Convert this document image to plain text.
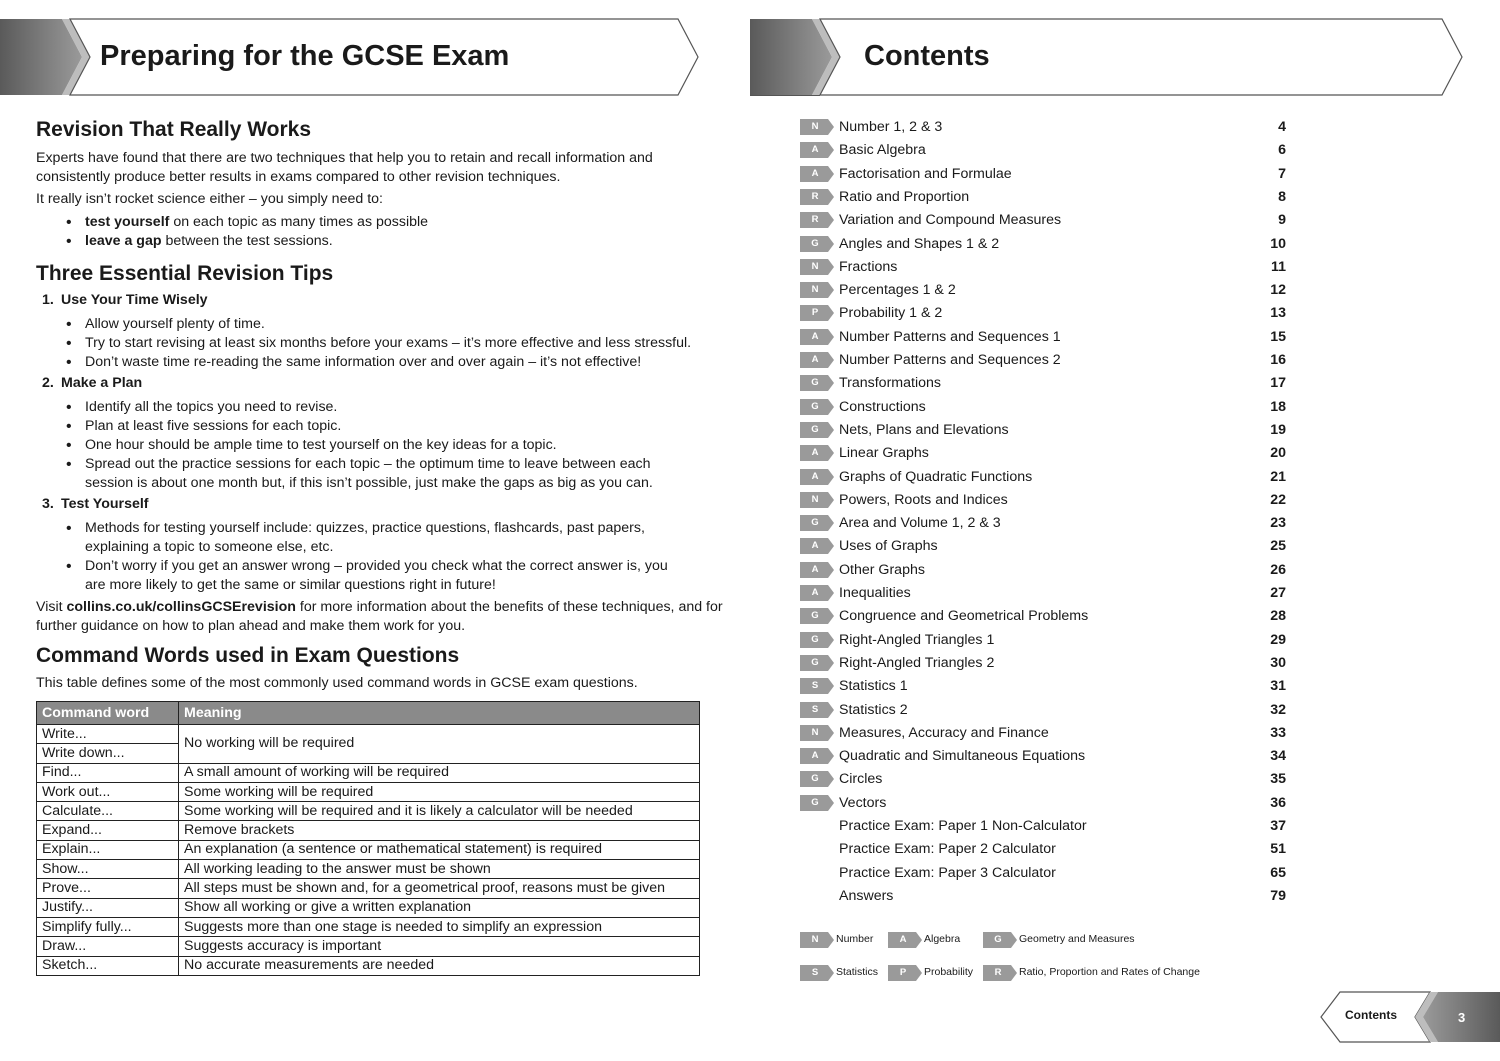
Preparing for the GCSE Exam
Revision That Really Works
Experts have found that there are two techniques that help you to retain and recall information and
consistently produce better results in exams compared to other revision techniques.
It really isn’t rocket science either – you simply need to:
• test yourself on each topic as many times as possible
• leave a gap between the test sessions.
Three Essential Revision Tips
1. Use Your Time Wisely
• Allow yourself plenty of time.
• Try to start revising at least six months before your exams – it’s more effective and less stressful.
• Don’t waste time re-reading the same information over and over again – it’s not effective!
2. Make a Plan
• Identify all the topics you need to revise.
• Plan at least five sessions for each topic.
• One hour should be ample time to test yourself on the key ideas for a topic.
• Spread out the practice sessions for each topic – the optimum time to leave between each
session is about one month but, if this isn’t possible, just make the gaps as big as you can.
3. Test Yourself
• Methods for testing yourself include: quizzes, practice questions, flashcards, past papers,
explaining a topic to someone else, etc.
• Don’t worry if you get an answer wrong – provided you check what the correct answer is, you
are more likely to get the same or similar questions right in future!
Visit collins.co.uk/collinsGCSErevision for more information about the benefits of these techniques, and for
further guidance on how to plan ahead and make them work for you.
Command Words used in Exam Questions
This table defines some of the most commonly used command words in GCSE exam questions.
Command word	Meaning
Write...	No working will be required
Write down...	
Find...	A small amount of working will be required
Work out...	Some working will be required
Calculate...	Some working will be required and it is likely a calculator will be needed
Expand...	Remove brackets
Explain...	An explanation (a sentence or mathematical statement) is required
Show...	All working leading to the answer must be shown
Prove...	All steps must be shown and, for a geometrical proof, reasons must be given
Justify...	Show all working or give a written explanation
Simplify fully...	Suggests more than one stage is needed to simplify an expression
Draw...	Suggests accuracy is important
Sketch...	No accurate measurements are needed
Contents
N	Number 1, 2 & 3	4
A	Basic Algebra	6
A	Factorisation and Formulae	7
R	Ratio and Proportion	8
R	Variation and Compound Measures	9
G	Angles and Shapes 1 & 2	10
N	Fractions	11
N	Percentages 1 & 2	12
P	Probability 1 & 2	13
A	Number Patterns and Sequences 1	15
A	Number Patterns and Sequences 2	16
G	Transformations	17
G	Constructions	18
G	Nets, Plans and Elevations	19
A	Linear Graphs	20
A	Graphs of Quadratic Functions	21
N	Powers, Roots and Indices	22
G	Area and Volume 1, 2 & 3	23
A	Uses of Graphs	25
A	Other Graphs	26
A	Inequalities	27
G	Congruence and Geometrical Problems	28
G	Right-Angled Triangles 1	29
G	Right-Angled Triangles 2	30
S	Statistics 1	31
S	Statistics 2	32
N	Measures, Accuracy and Finance	33
A	Quadratic and Simultaneous Equations	34
G	Circles	35
G	Vectors	36
Practice Exam: Paper 1 Non-Calculator	37
Practice Exam: Paper 2 Calculator	51
Practice Exam: Paper 3 Calculator	65
Answers	79
N	Number	A	Algebra	G	Geometry and Measures
S	Statistics	P	Probability	R	Ratio, Proportion and Rates of Change
Contents	3
